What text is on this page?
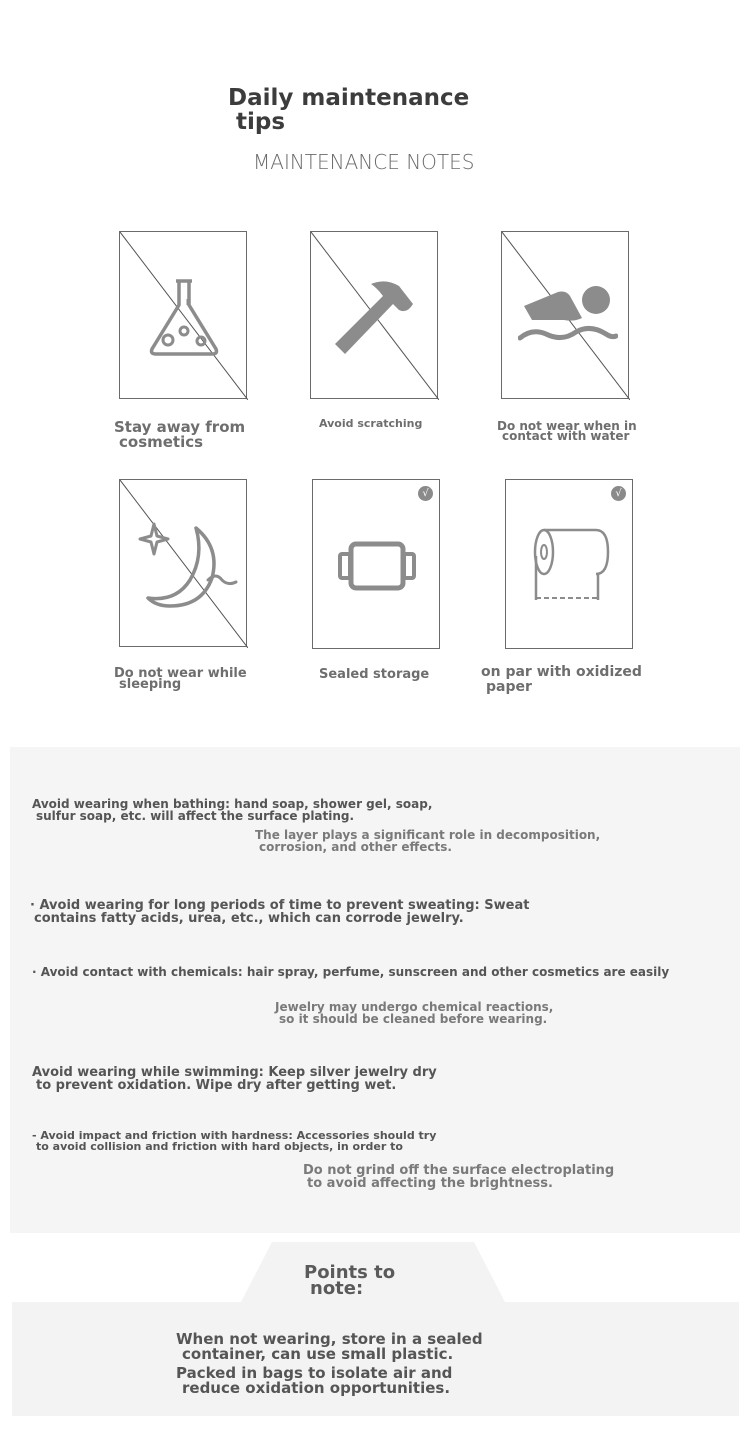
Daily maintenance
tips
MAINTENANCE NOTES
Stay away from
cosmetics
Avoid scratching	Do not wear when in
contact with water
Do not wear while
sleeping
√
Sealed storage
√
on par with oxidized
paper
Avoid wearing when bathing: hand soap, shower gel, soap,
sulfur soap, etc. will affect the surface plating.
The layer plays a significant role in decomposition,
corrosion, and other effects.
· Avoid wearing for long periods of time to prevent sweating: Sweat
contains fatty acids, urea, etc., which can corrode jewelry.
· Avoid contact with chemicals: hair spray, perfume, sunscreen and other cosmetics are easily
Jewelry may undergo chemical reactions,
so it should be cleaned before wearing.
Avoid wearing while swimming: Keep silver jewelry dry
to prevent oxidation. Wipe dry after getting wet.
- Avoid impact and friction with hardness: Accessories should try
to avoid collision and friction with hard objects, in order to
Do not grind off the surface electroplating
to avoid affecting the brightness.
Points to
note:
When not wearing, store in a sealed
container, can use small plastic.
Packed in bags to isolate air and
reduce oxidation opportunities.
